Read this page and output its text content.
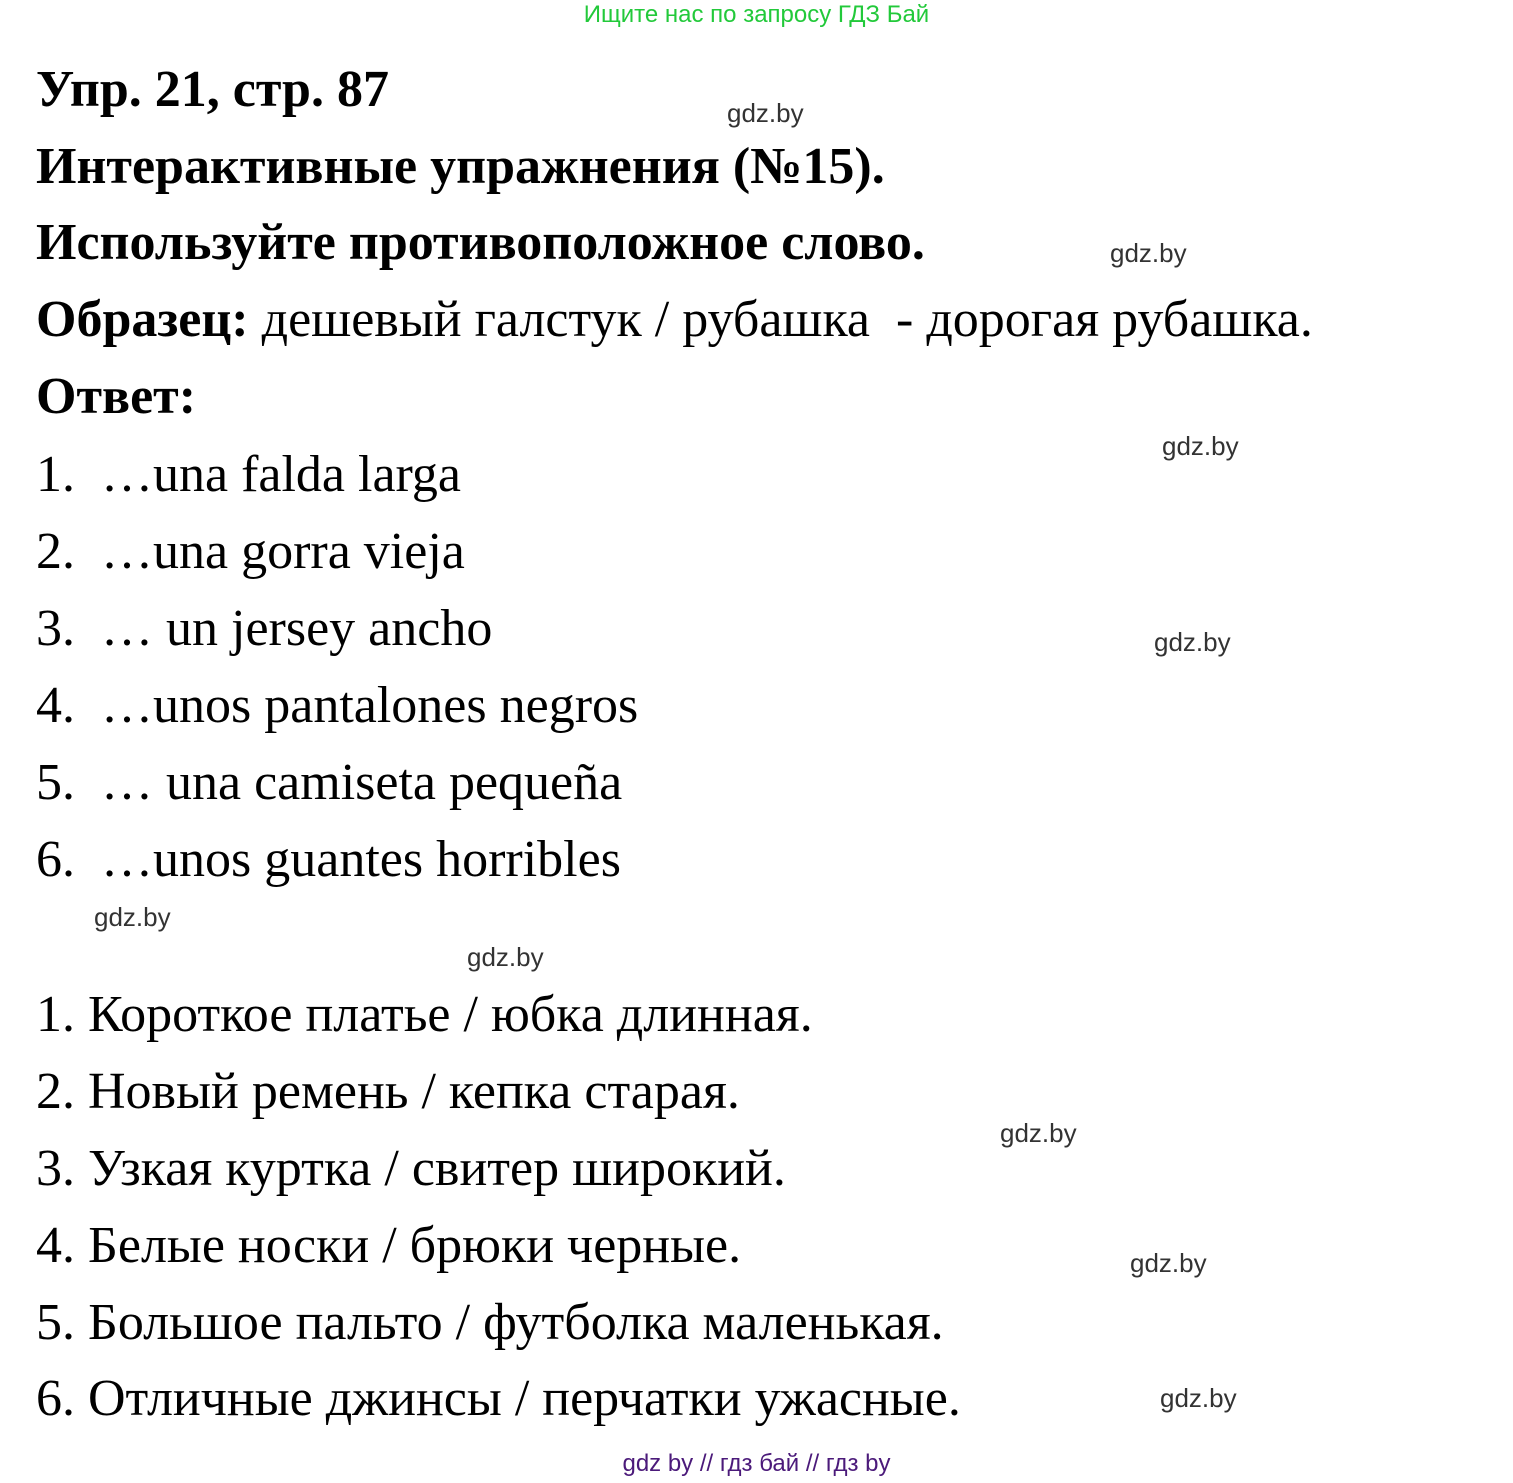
Ищите нас по запросу ГДЗ Бай
Упр. 21, стр. 87
Интерактивные упражнения (№15).
Используйте противоположное слово.
Образец: дешевый галстук / рубашка  - дорогая рубашка.
Ответ:
1.  …una falda larga
2.  …una gorra vieja
3.  … un jersey ancho
4.  …unos pantalones negros
5.  … una camiseta pequeña
6.  …unos guantes horribles
1. Короткое платье / юбка длинная.
2. Новый ремень / кепка старая.
3. Узкая куртка / свитер широкий.
4. Белые носки / брюки черные.
5. Большое пальто / футболка маленькая.
6. Отличные джинсы / перчатки ужасные.
gdz.by
gdz.by
gdz.by
gdz.by
gdz.by
gdz.by
gdz.by
gdz.by
gdz.by
gdz by // гдз бай // гдз by
